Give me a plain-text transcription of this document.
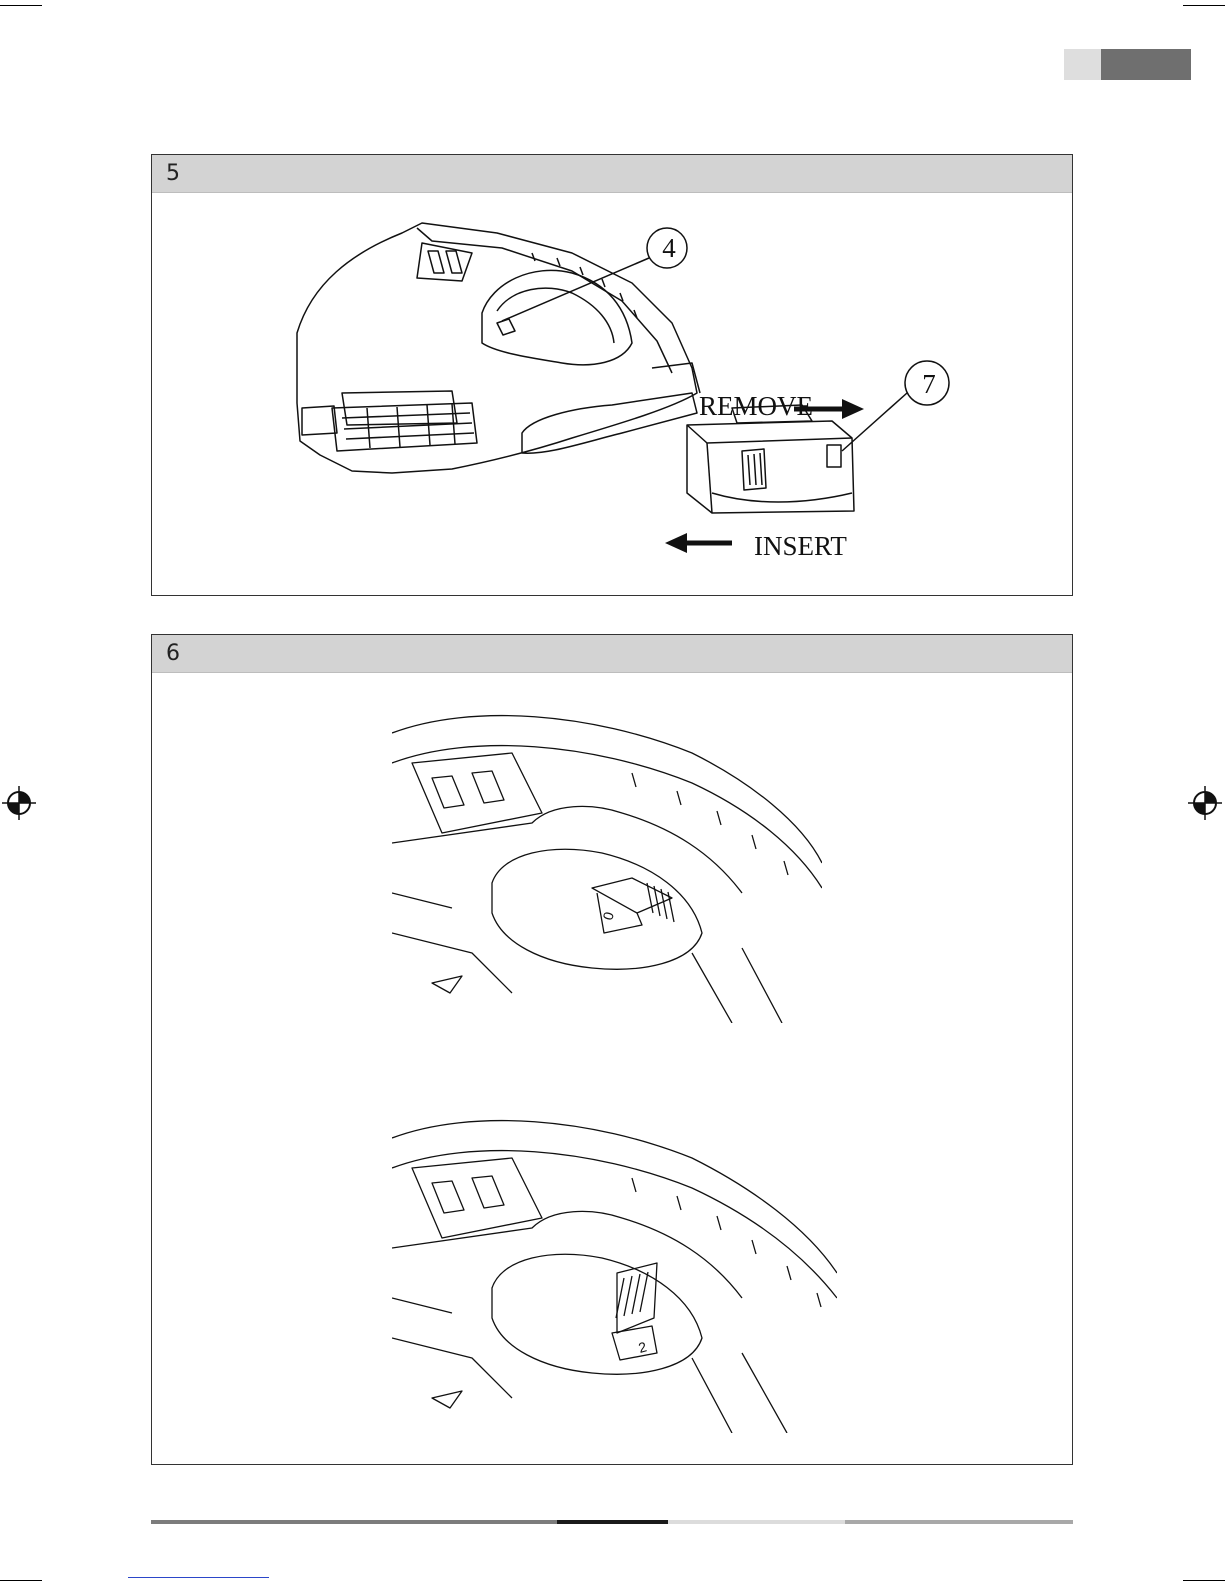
5
4
7
REMOVE
INSERT
6
0
2
